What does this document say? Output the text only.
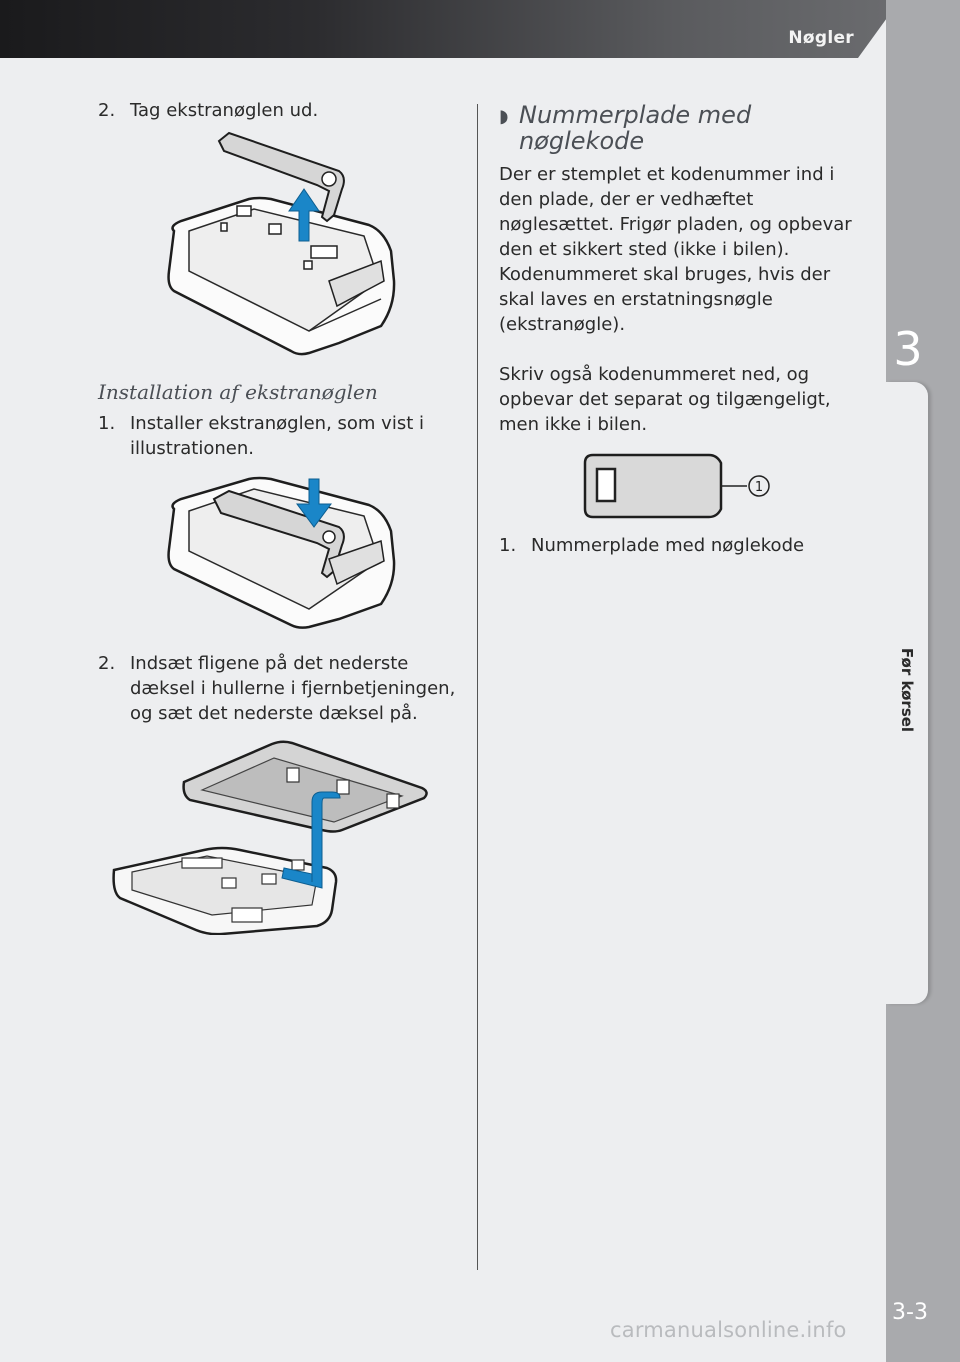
Nøgler
3
Før kørsel
3-3
2. Tag ekstranøglen ud.
Installation af ekstranøglen
1. Installer ekstranøglen, som vist i illustrationen.
2. Indsæt fligene på det nederste dæksel i hullerne i fjernbetjeningen, og sæt det nederste dæksel på.
◗ Nummerplade med nøglekode

Der er stemplet et kodenummer ind i den plade, der er vedhæftet nøglesættet. Frigør pladen, og opbevar den et sikkert sted (ikke i bilen). Kodenummeret skal bruges, hvis der skal laves en erstatningsnøgle (ekstranøgle).

Skriv også kodenummeret ned, og opbevar det separat og tilgængeligt, men ikke i bilen.

1
1. Nummerplade med nøglekode
carmanualsonline.info
